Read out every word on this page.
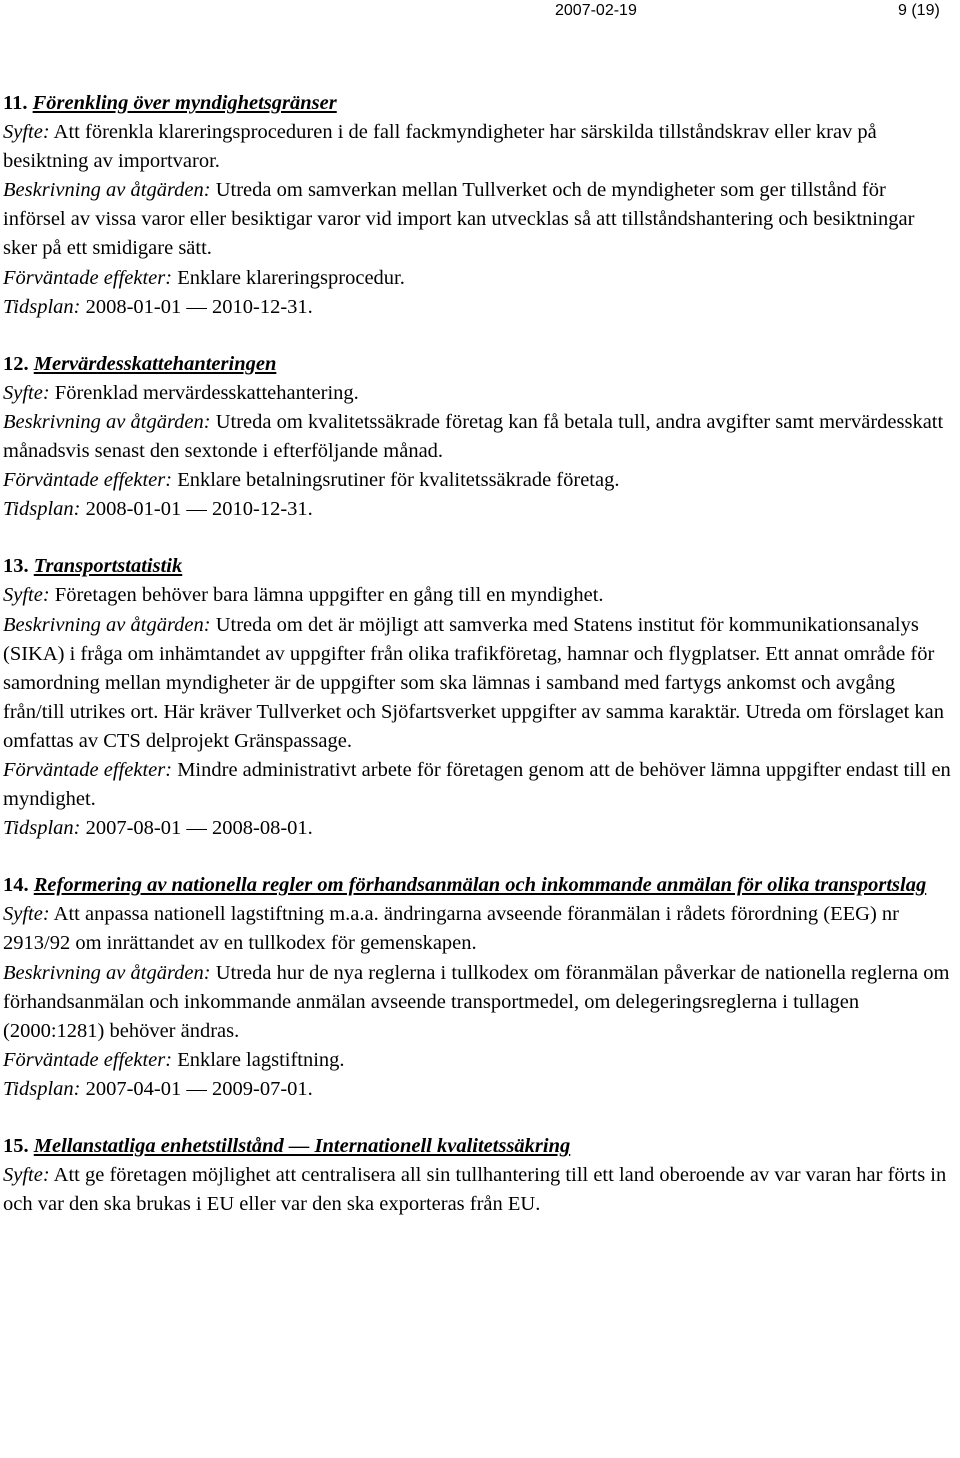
2007-02-19	9 (19)
11. Förenkling över myndighetsgränser

Syfte: Att förenkla klareringsproceduren i de fall fackmyndigheter har särskilda tillståndskrav eller krav på besiktning av importvaror.

Beskrivning av åtgärden: Utreda om samverkan mellan Tullverket och de myndigheter som ger tillstånd för införsel av vissa varor eller besiktigar varor vid import kan utvecklas så att tillståndshantering och besiktningar sker på ett smidigare sätt.

Förväntade effekter: Enklare klareringsprocedur.

Tidsplan: 2008-01-01 — 2010-12-31.

12. Mervärdesskattehanteringen

Syfte: Förenklad mervärdesskattehantering.

Beskrivning av åtgärden: Utreda om kvalitetssäkrade företag kan få betala tull, andra avgifter samt mervärdesskatt månadsvis senast den sextonde i efterföljande månad.

Förväntade effekter: Enklare betalningsrutiner för kvalitetssäkrade företag.

Tidsplan: 2008-01-01 — 2010-12-31.

13. Transportstatistik

Syfte: Företagen behöver bara lämna uppgifter en gång till en myndighet.

Beskrivning av åtgärden: Utreda om det är möjligt att samverka med Statens institut för kommunikationsanalys (SIKA) i fråga om inhämtandet av uppgifter från olika trafikföretag, hamnar och flygplatser. Ett annat område för samordning mellan myndigheter är de uppgifter som ska lämnas i samband med fartygs ankomst och avgång från/till utrikes ort. Här kräver Tullverket och Sjöfartsverket uppgifter av samma karaktär. Utreda om förslaget kan omfattas av CTS delprojekt Gränspassage.

Förväntade effekter: Mindre administrativt arbete för företagen genom att de behöver lämna uppgifter endast till en myndighet.

Tidsplan: 2007-08-01 — 2008-08-01.

14. Reformering av nationella regler om förhandsanmälan och inkommande anmälan för olika transportslag

Syfte: Att anpassa nationell lagstiftning m.a.a. ändringarna avseende föranmälan i rådets förordning (EEG) nr 2913/92 om inrättandet av en tullkodex för gemenskapen.

Beskrivning av åtgärden: Utreda hur de nya reglerna i tullkodex om föranmälan påverkar de nationella reglerna om förhandsanmälan och inkommande anmälan avseende transportmedel, om delegeringsreglerna i tullagen (2000:1281) behöver ändras.

Förväntade effekter: Enklare lagstiftning.

Tidsplan: 2007-04-01 — 2009-07-01.

15. Mellanstatliga enhetstillstånd — Internationell kvalitetssäkring

Syfte: Att ge företagen möjlighet att centralisera all sin tullhantering till ett land oberoende av var varan har förts in och var den ska brukas i EU eller var den ska exporteras från EU.
